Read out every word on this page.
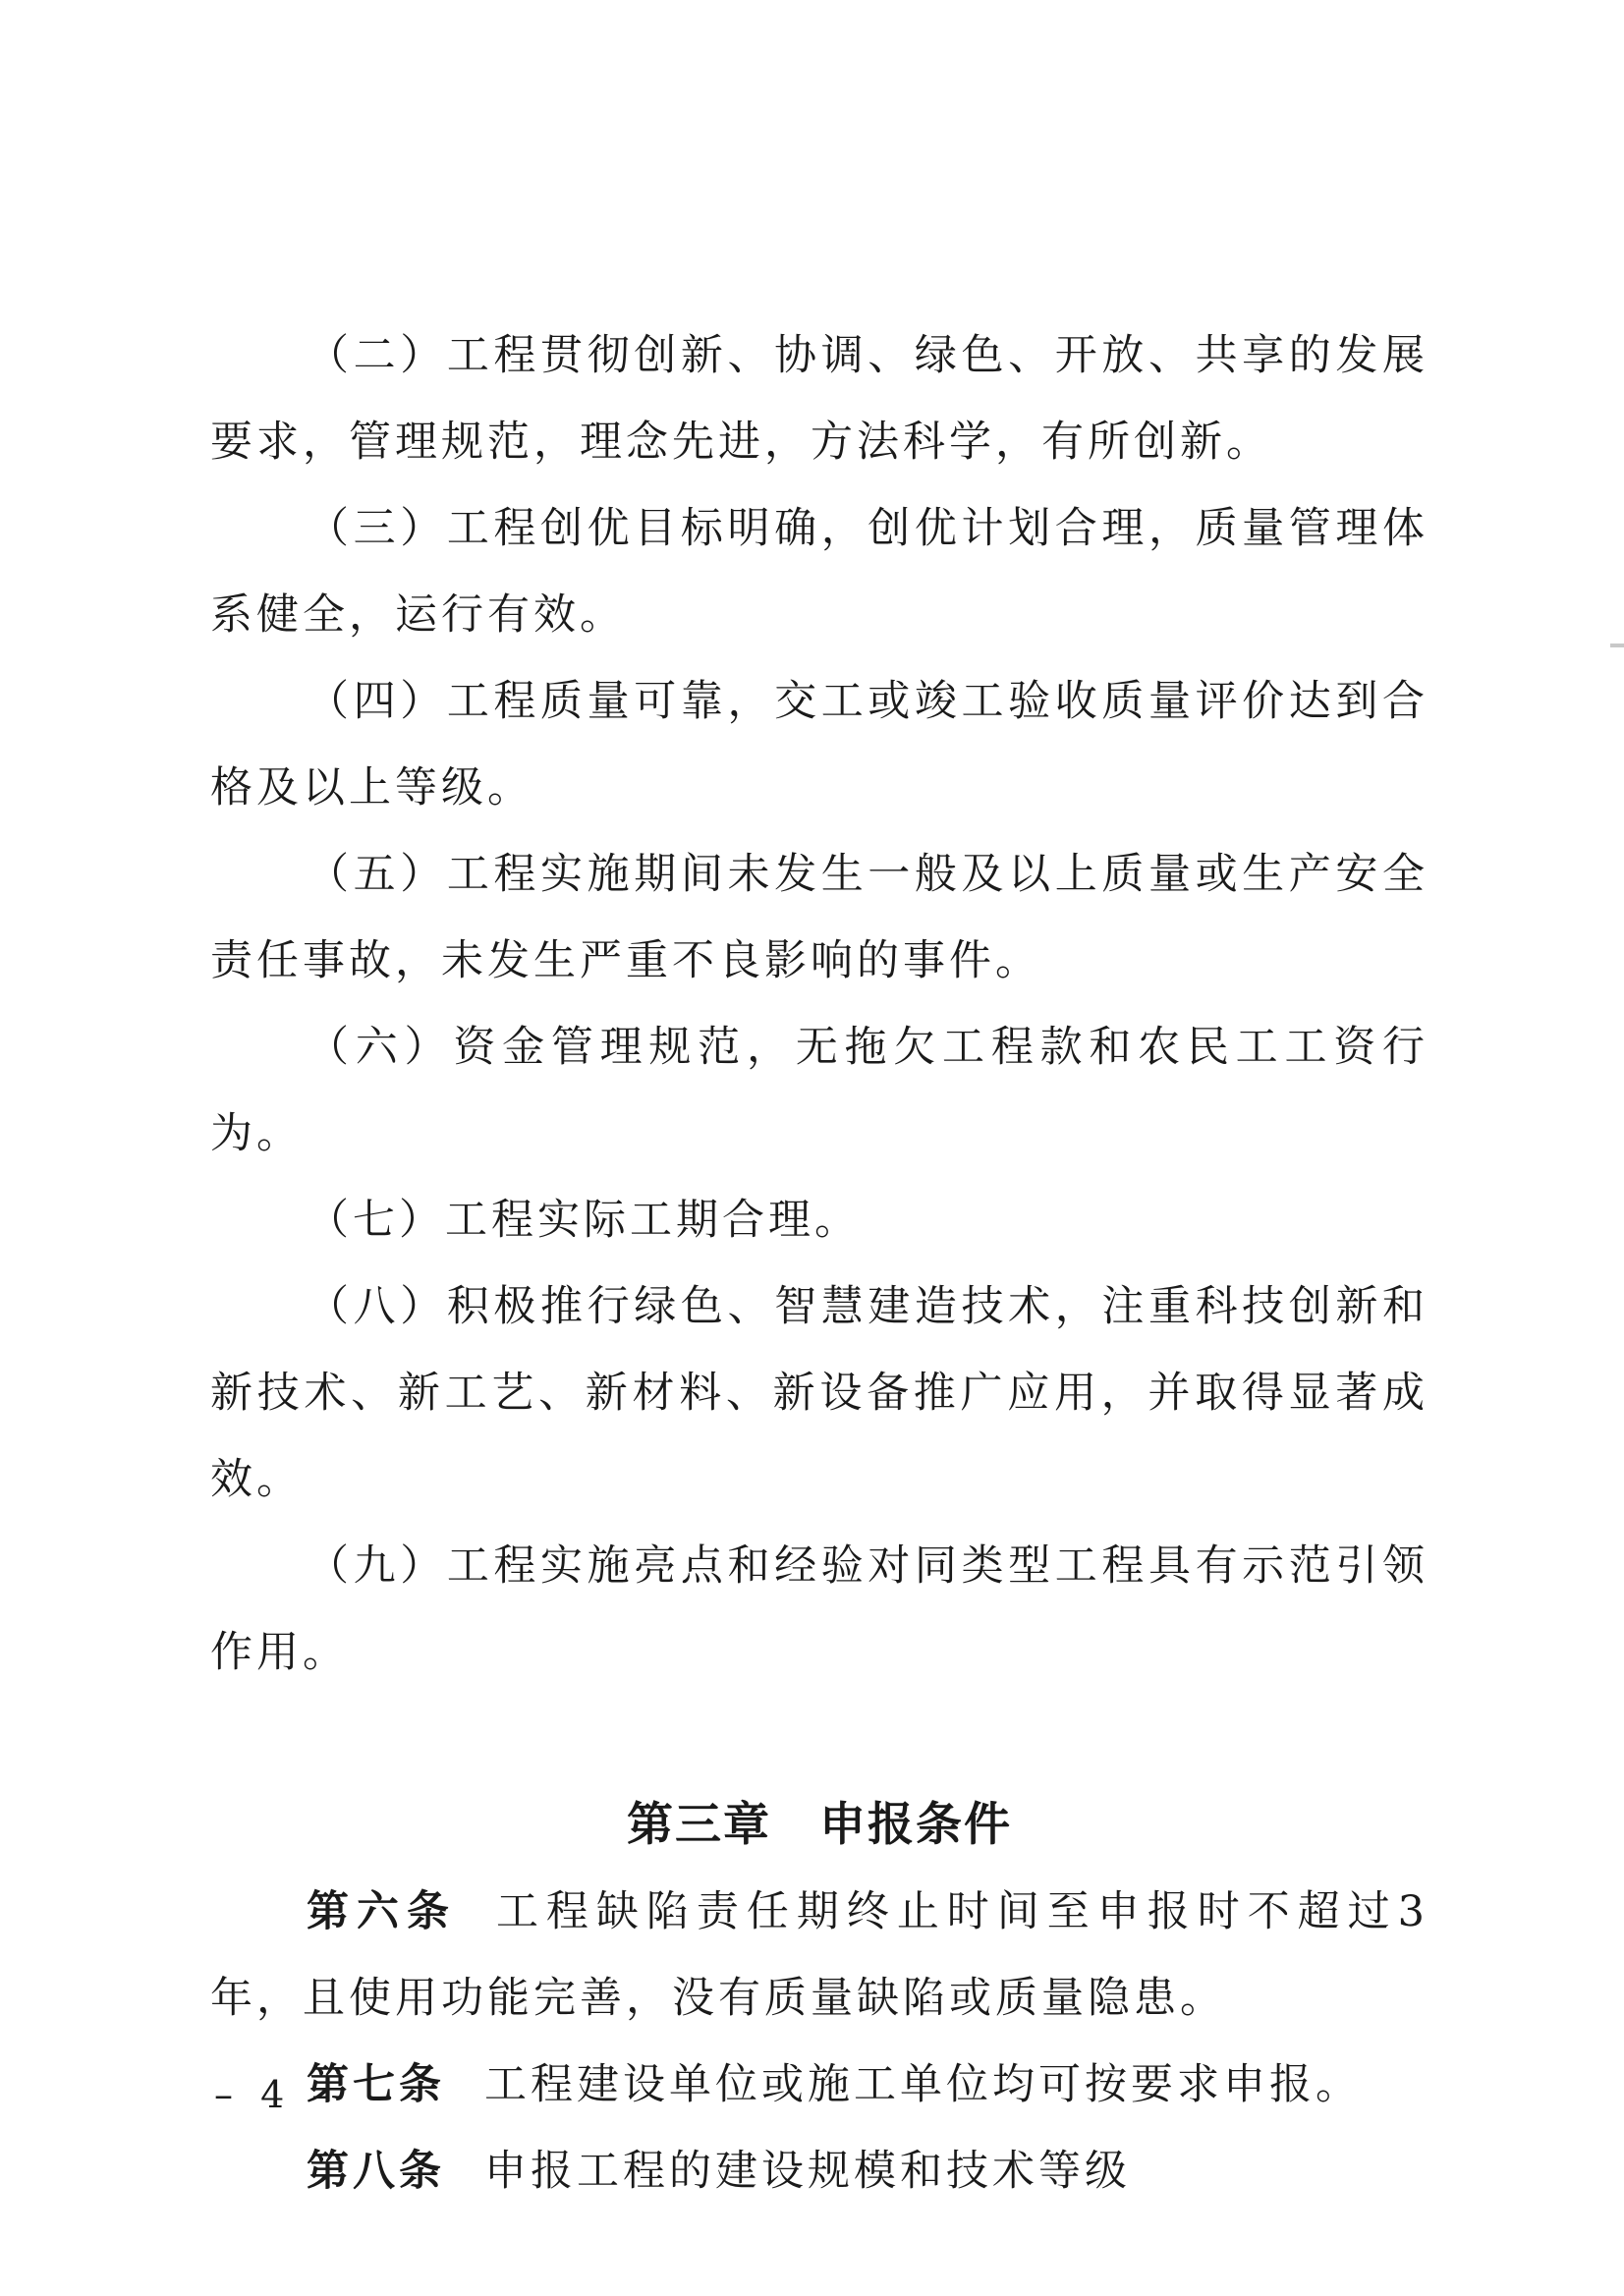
（二）工程贯彻创新、协调、绿色、开放、共享的发展要求，管理规范，理念先进，方法科学，有所创新。

（三）工程创优目标明确，创优计划合理，质量管理体系健全，运行有效。

（四）工程质量可靠，交工或竣工验收质量评价达到合格及以上等级。

（五）工程实施期间未发生一般及以上质量或生产安全责任事故，未发生严重不良影响的事件。

（六）资金管理规范，无拖欠工程款和农民工工资行为。

（七）工程实际工期合理。

（八）积极推行绿色、智慧建造技术，注重科技创新和新技术、新工艺、新材料、新设备推广应用，并取得显著成效。

（九）工程实施亮点和经验对同类型工程具有示范引领作用。

第三章　申报条件

第六条 工程缺陷责任期终止时间至申报时不超过3年，且使用功能完善，没有质量缺陷或质量隐患。

第七条 工程建设单位或施工单位均可按要求申报。

第八条 申报工程的建设规模和技术等级

– 4 –
